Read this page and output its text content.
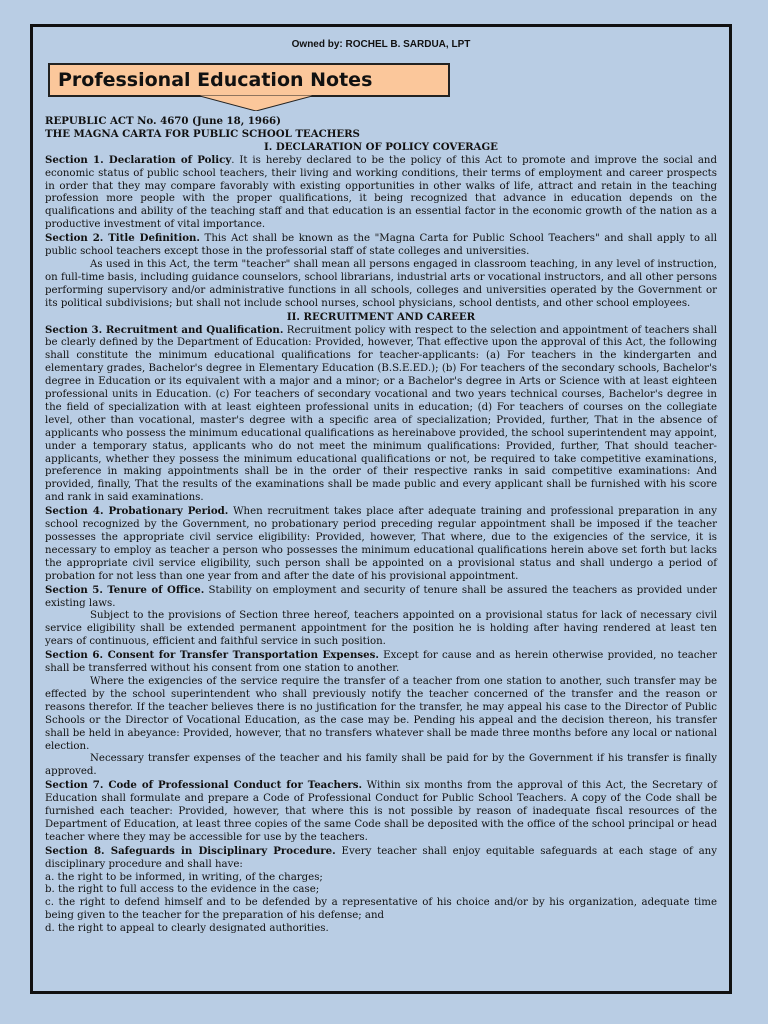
Owned by: ROCHEL B. SARDUA, LPT
Professional Education Notes

REPUBLIC ACT No. 4670 (June 18, 1966)

THE MAGNA CARTA FOR PUBLIC SCHOOL TEACHERS

I. DECLARATION OF POLICY COVERAGE

Section 1. Declaration of Policy. It is hereby declared to be the policy of this Act to promote and improve the social and economic status of public school teachers, their living and working conditions, their terms of employment and career prospects in order that they may compare favorably with existing opportunities in other walks of life, attract and retain in the teaching profession more people with the proper qualifications, it being recognized that advance in education depends on the qualifications and ability of the teaching staff and that education is an essential factor in the economic growth of the nation as a productive investment of vital importance.

Section 2. Title Definition. This Act shall be known as the "Magna Carta for Public School Teachers" and shall apply to all public school teachers except those in the professorial staff of state colleges and universities.

As used in this Act, the term "teacher" shall mean all persons engaged in classroom teaching, in any level of instruction, on full-time basis, including guidance counselors, school librarians, industrial arts or vocational instructors, and all other persons performing supervisory and/or administrative functions in all schools, colleges and universities operated by the Government or its political subdivisions; but shall not include school nurses, school physicians, school dentists, and other school employees.

II. RECRUITMENT AND CAREER

Section 3. Recruitment and Qualification. Recruitment policy with respect to the selection and appointment of teachers shall be clearly defined by the Department of Education: Provided, however, That effective upon the approval of this Act, the following shall constitute the minimum educational qualifications for teacher-applicants: (a) For teachers in the kindergarten and elementary grades, Bachelor's degree in Elementary Education (B.S.E.ED.); (b) For teachers of the secondary schools, Bachelor's degree in Education or its equivalent with a major and a minor; or a Bachelor's degree in Arts or Science with at least eighteen professional units in Education. (c) For teachers of secondary vocational and two years technical courses, Bachelor's degree in the field of specialization with at least eighteen professional units in education; (d) For teachers of courses on the collegiate level, other than vocational, master's degree with a specific area of specialization; Provided, further, That in the absence of applicants who possess the minimum educational qualifications as hereinabove provided, the school superintendent may appoint, under a temporary status, applicants who do not meet the minimum qualifications: Provided, further, That should teacher-applicants, whether they possess the minimum educational qualifications or not, be required to take competitive examinations, preference in making appointments shall be in the order of their respective ranks in said competitive examinations: And provided, finally, That the results of the examinations shall be made public and every applicant shall be furnished with his score and rank in said examinations.

Section 4. Probationary Period. When recruitment takes place after adequate training and professional preparation in any school recognized by the Government, no probationary period preceding regular appointment shall be imposed if the teacher possesses the appropriate civil service eligibility: Provided, however, That where, due to the exigencies of the service, it is necessary to employ as teacher a person who possesses the minimum educational qualifications herein above set forth but lacks the appropriate civil service eligibility, such person shall be appointed on a provisional status and shall undergo a period of probation for not less than one year from and after the date of his provisional appointment.

Section 5. Tenure of Office. Stability on employment and security of tenure shall be assured the teachers as provided under existing laws.

Subject to the provisions of Section three hereof, teachers appointed on a provisional status for lack of necessary civil service eligibility shall be extended permanent appointment for the position he is holding after having rendered at least ten years of continuous, efficient and faithful service in such position.

Section 6. Consent for Transfer Transportation Expenses. Except for cause and as herein otherwise provided, no teacher shall be transferred without his consent from one station to another.

Where the exigencies of the service require the transfer of a teacher from one station to another, such transfer may be effected by the school superintendent who shall previously notify the teacher concerned of the transfer and the reason or reasons therefor. If the teacher believes there is no justification for the transfer, he may appeal his case to the Director of Public Schools or the Director of Vocational Education, as the case may be. Pending his appeal and the decision thereon, his transfer shall be held in abeyance: Provided, however, that no transfers whatever shall be made three months before any local or national election.

Necessary transfer expenses of the teacher and his family shall be paid for by the Government if his transfer is finally approved.

Section 7. Code of Professional Conduct for Teachers. Within six months from the approval of this Act, the Secretary of Education shall formulate and prepare a Code of Professional Conduct for Public School Teachers. A copy of the Code shall be furnished each teacher: Provided, however, that where this is not possible by reason of inadequate fiscal resources of the Department of Education, at least three copies of the same Code shall be deposited with the office of the school principal or head teacher where they may be accessible for use by the teachers.

Section 8. Safeguards in Disciplinary Procedure. Every teacher shall enjoy equitable safeguards at each stage of any disciplinary procedure and shall have:

a. the right to be informed, in writing, of the charges;

b. the right to full access to the evidence in the case;

c. the right to defend himself and to be defended by a representative of his choice and/or by his organization, adequate time being given to the teacher for the preparation of his defense; and

d. the right to appeal to clearly designated authorities.
